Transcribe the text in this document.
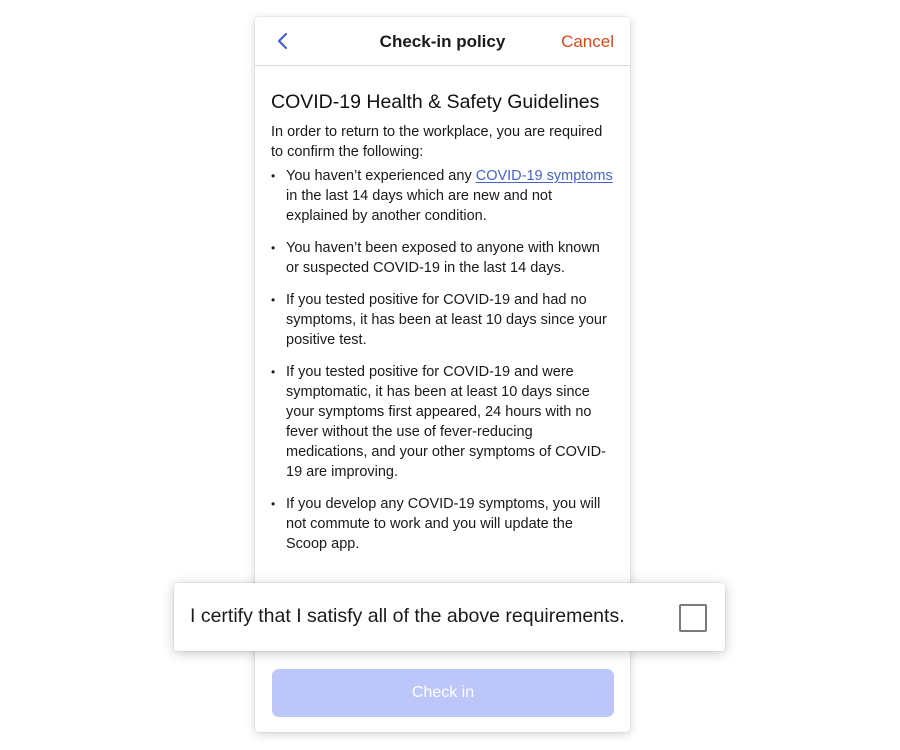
Check-in policy	Cancel
COVID-19 Health & Safety Guidelines

In order to return to the workplace, you are required to confirm the following:

• You haven’t experienced any COVID-19 symptoms in the last 14 days which are new and not explained by another condition.
• You haven’t been exposed to anyone with known or suspected COVID-19 in the last 14 days.
• If you tested positive for COVID-19 and had no symptoms, it has been at least 10 days since your positive test.
• If you tested positive for COVID-19 and were symptomatic, it has been at least 10 days since your symptoms first appeared, 24 hours with no fever without the use of fever-reducing medications, and your other symptoms of COVID-19 are improving.
• If you develop any COVID-19 symptoms, you will not commute to work and you will update the Scoop app.
Check in
I certify that I satisfy all of the above requirements.
